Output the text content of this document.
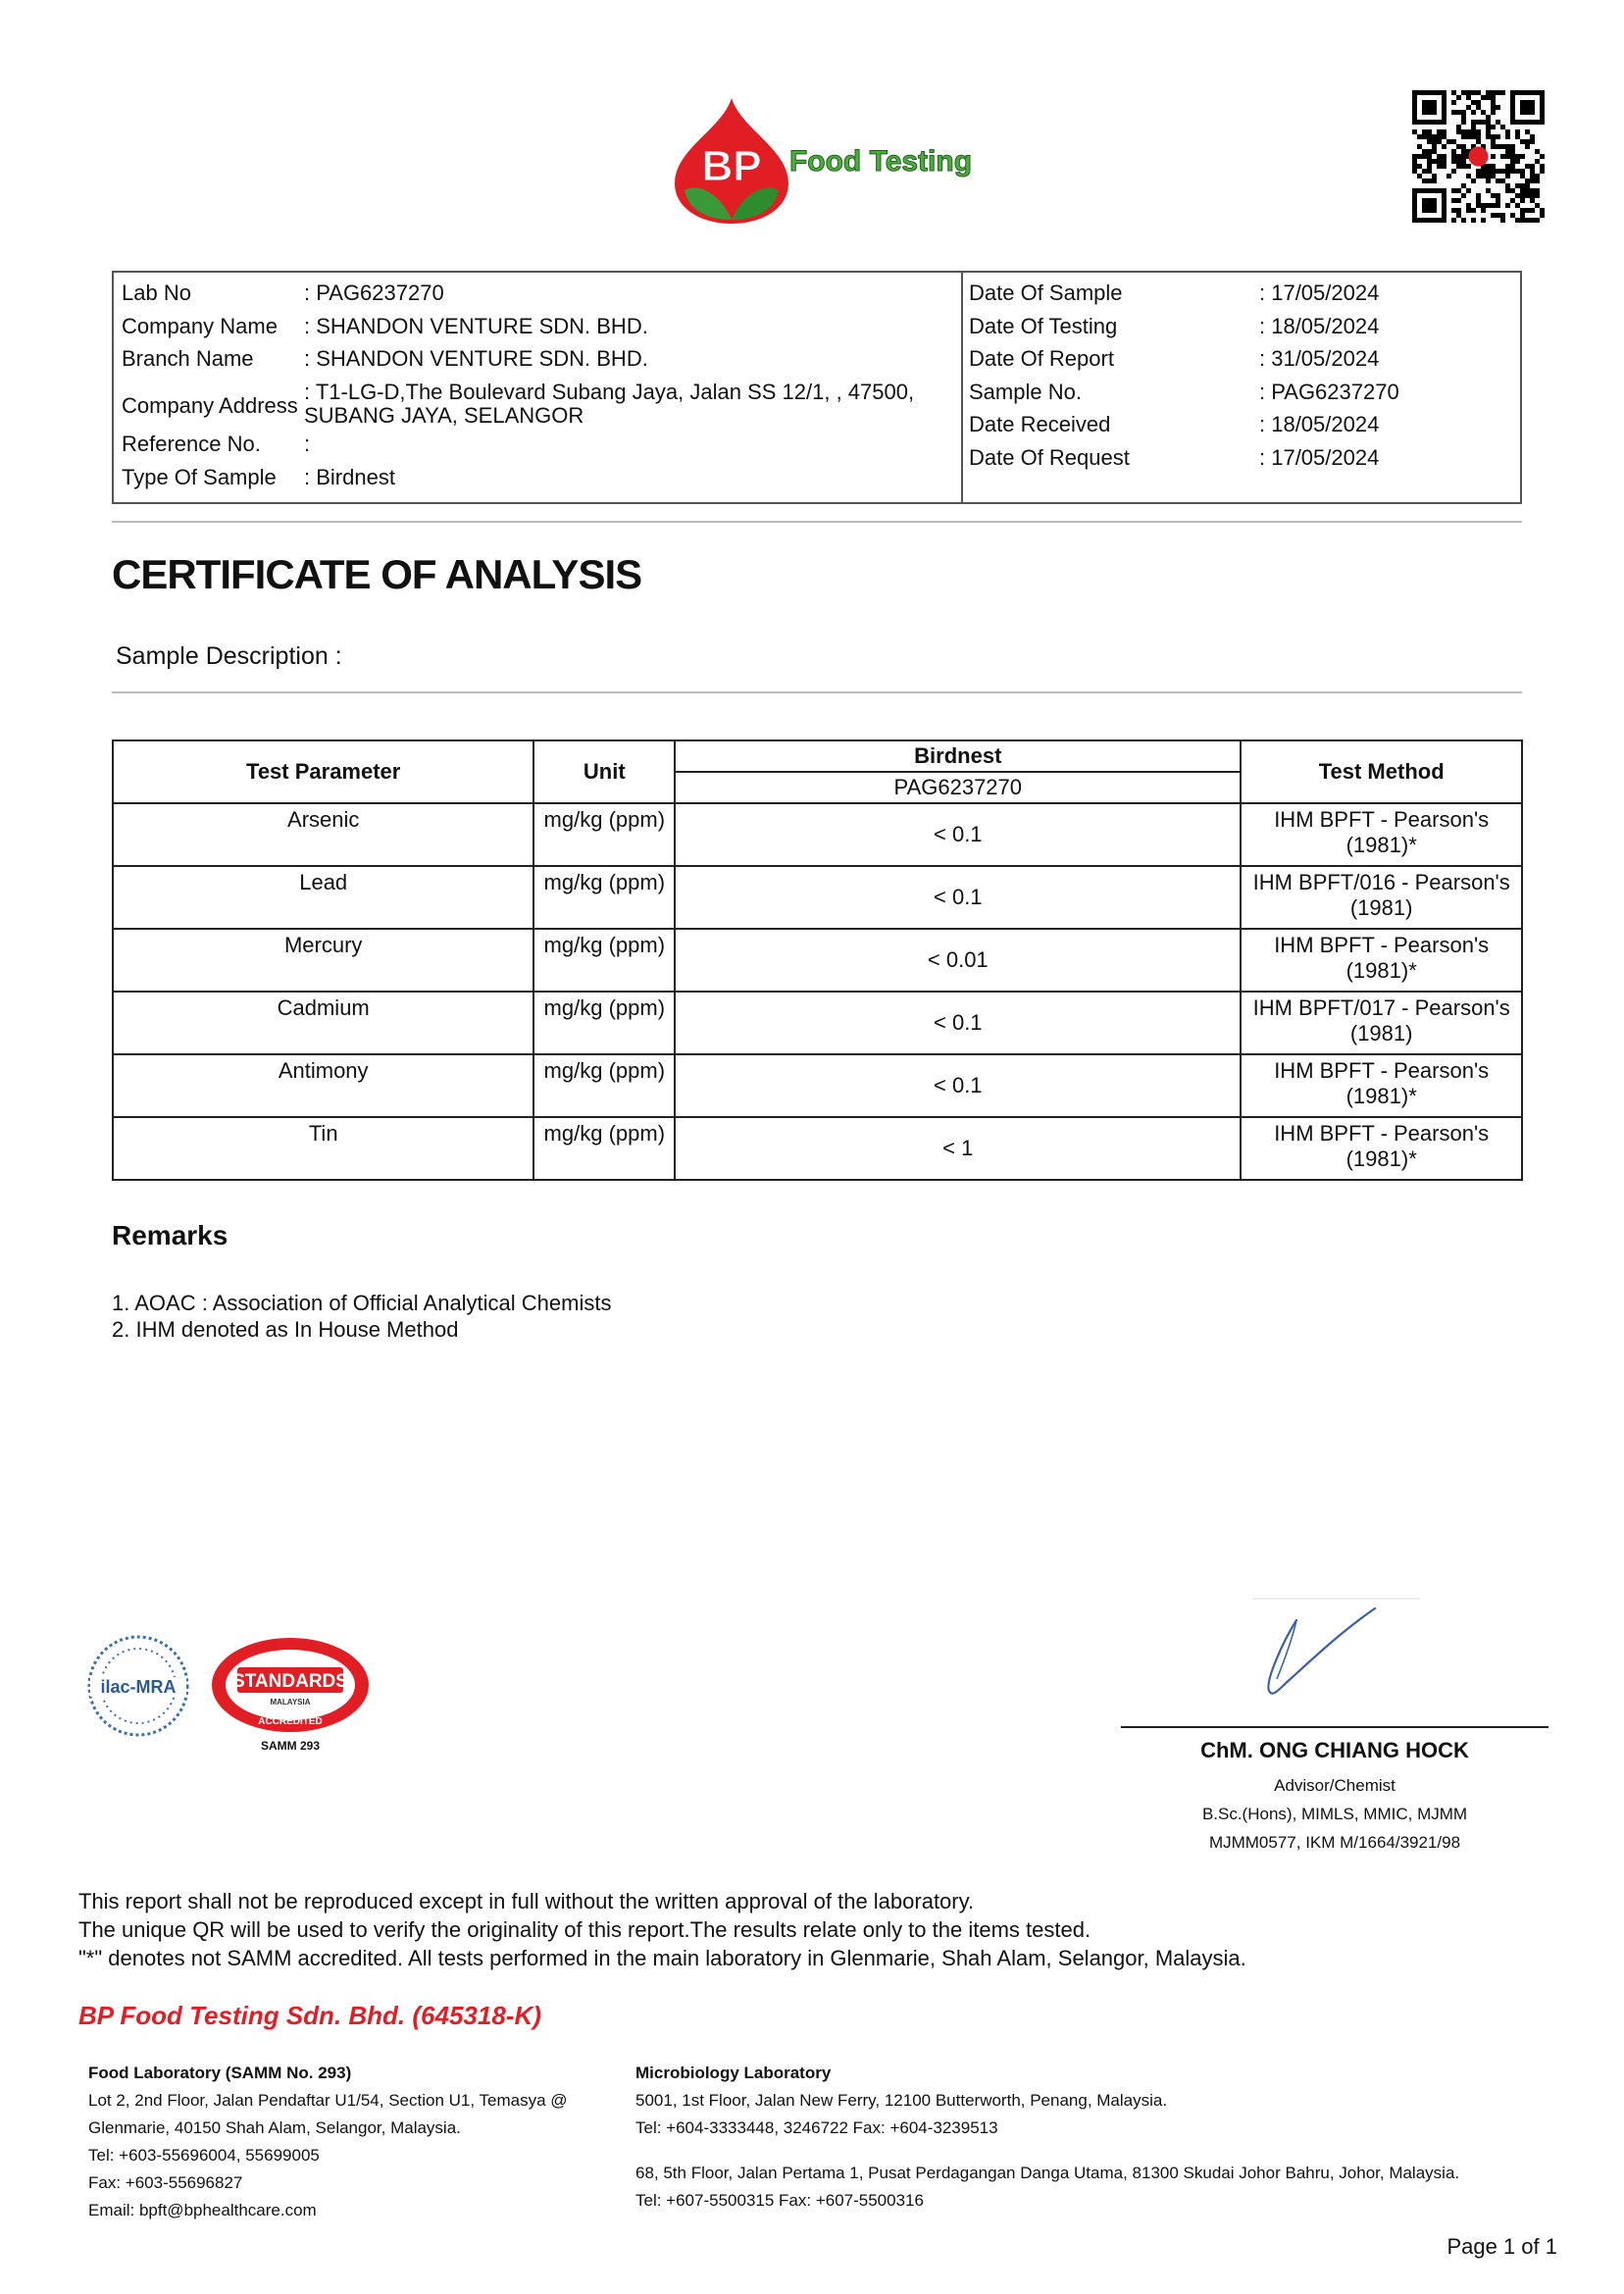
BP Food Testing
Lab No	: PAG6237270
Company Name : SHANDON VENTURE SDN. BHD.
Branch Name : SHANDON VENTURE SDN. BHD.
Company Address
: T1-LG-D,The Boulevard Subang Jaya, Jalan SS 12/1, , 47500,
SUBANG JAYA, SELANGOR
Reference No. :
Type Of Sample : Birdnest
Date Of Sample	: 17/05/2024
Date Of Testing	: 18/05/2024
Date Of Report	: 31/05/2024
Sample No.	: PAG6237270
Date Received	: 18/05/2024
Date Of Request	: 17/05/2024
CERTIFICATE OF ANALYSIS
Sample Description :
Test Parameter	Unit	Birdnest	Test Method
		PAG6237270	

Arsenic	mg/kg (ppm)	< 0.1	IHM BPFT - Pearson's
(1981)*

Lead	mg/kg (ppm)	< 0.1	IHM BPFT/016 - Pearson's
(1981)

Mercury	mg/kg (ppm)	< 0.01	IHM BPFT - Pearson's
(1981)*

Cadmium	mg/kg (ppm)	< 0.1	IHM BPFT/017 - Pearson's
(1981)

Antimony	mg/kg (ppm)	< 0.1	IHM BPFT - Pearson's
(1981)*

Tin	mg/kg (ppm)	< 1	IHM BPFT - Pearson's
(1981)*
Remarks
1. AOAC : Association of Official Analytical Chemists
2. IHM denoted as In House Method
ilac-MRA	STANDARDS
MALAYSIA
ACCREDITED
SAMM 293	ChM. ONG CHIANG HOCK
Advisor/Chemist
B.Sc.(Hons), MIMLS, MMIC, MJMM
MJMM0577, IKM M/1664/3921/98
This report shall not be reproduced except in full without the written approval of the laboratory.
The unique QR will be used to verify the originality of this report.The results relate only to the items tested.
"*" denotes not SAMM accredited. All tests performed in the main laboratory in Glenmarie, Shah Alam, Selangor, Malaysia.
BP Food Testing Sdn. Bhd. (645318-K)
Food Laboratory (SAMM No. 293)
Lot 2, 2nd Floor, Jalan Pendaftar U1/54, Section U1, Temasya @
Glenmarie, 40150 Shah Alam, Selangor, Malaysia.
Tel: +603-55696004, 55699005
Fax: +603-55696827
Email: bpft@bphealthcare.com
Microbiology Laboratory
5001, 1st Floor, Jalan New Ferry, 12100 Butterworth, Penang, Malaysia.
Tel: +604-3333448, 3246722 Fax: +604-3239513
68, 5th Floor, Jalan Pertama 1, Pusat Perdagangan Danga Utama, 81300 Skudai Johor Bahru, Johor, Malaysia.
Tel: +607-5500315 Fax: +607-5500316
Page 1 of 1
